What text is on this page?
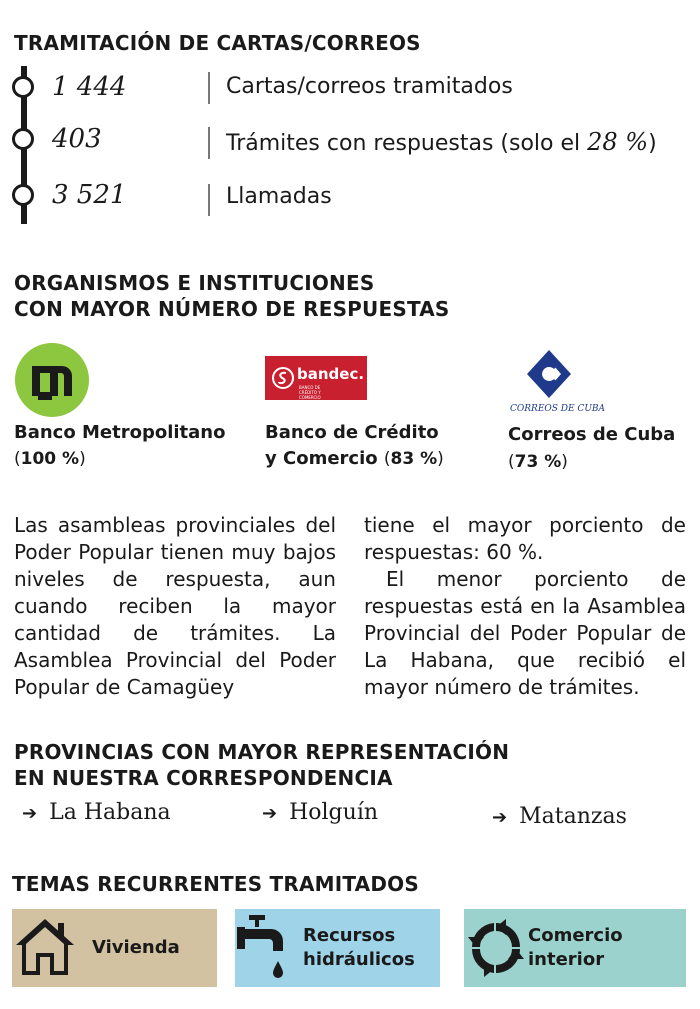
TRAMITACIÓN DE CARTAS/CORREOS
1 444	Cartas/correos tramitados
403	Trámites con respuestas (solo el 28 %)
3 521	Llamadas
ORGANISMOS E INSTITUCIONES
CON MAYOR NÚMERO DE RESPUESTAS
Banco Metropolitano
(100 %)
bandec.
BANCO DE CRÉDITO Y COMERCIO
Banco de Crédito
y Comercio (83 %)
CORREOS DE CUBA
Correos de Cuba
(73 %)

Las asambleas provinciales del Poder Popular tienen muy bajos niveles de respuesta, aun cuando reciben la mayor cantidad de trámites. La Asamblea Provincial del Poder Popular de Camagüey

tiene el mayor porciento de respuestas: 60 %.

El menor porciento de respuestas está en la Asamblea Provincial del Poder Popular de La Habana, que recibió el mayor número de trámites.

PROVINCIAS CON MAYOR REPRESENTACIÓN
EN NUESTRA CORRESPONDENCIA
➔ La Habana	➔ Holguín	➔ Matanzas
TEMAS RECURRENTES TRAMITADOS
Vivienda
Recursos
hidráulicos
Comercio
interior
